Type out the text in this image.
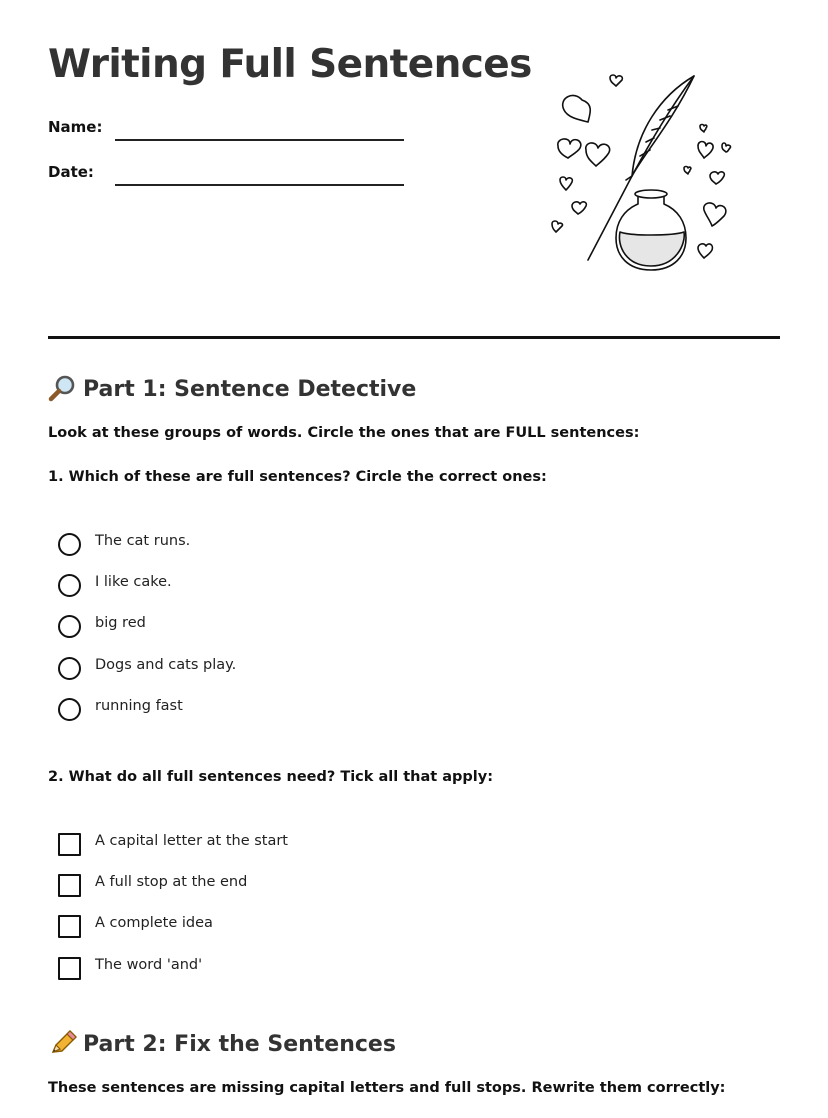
Writing Full Sentences
Name:
Date:
Part 1: Sentence Detective
Look at these groups of words. Circle the ones that are FULL sentences:
1. Which of these are full sentences? Circle the correct ones:
The cat runs.
I like cake.
big red
Dogs and cats play.
running fast
2. What do all full sentences need? Tick all that apply:
A capital letter at the start
A full stop at the end
A complete idea
The word 'and'
Part 2: Fix the Sentences
These sentences are missing capital letters and full stops. Rewrite them correctly:
